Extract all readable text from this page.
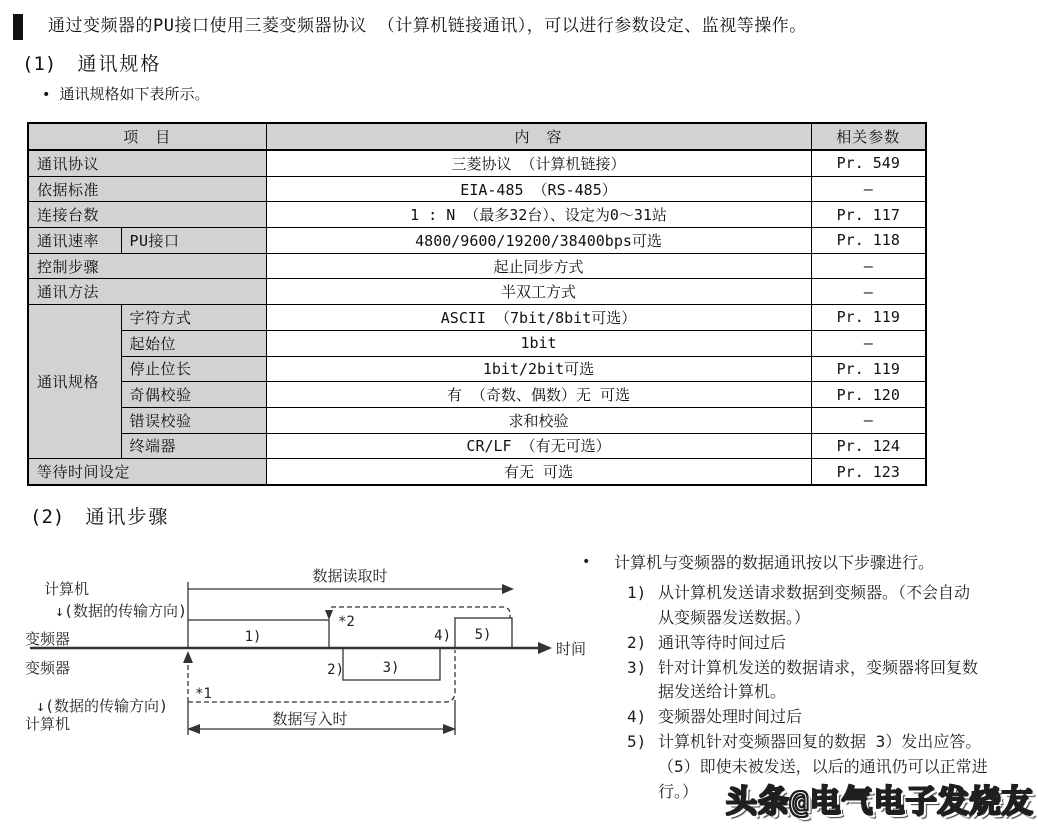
通过变频器的PU接口使用三菱变频器协议 （计算机链接通讯），可以进行参数设定、监视等操作。
(1) 通讯规格
• 通讯规格如下表所示。
项　目		内　容	相关参数
通讯协议		三菱协议 （计算机链接）	Pr. 549
依据标准		EIA-485 （RS-485）	—
连接台数		1 : N （最多32台）、设定为0～31站	Pr. 117
通讯速率	PU接口	4800/9600/19200/38400bps可选	Pr. 118
控制步骤		起止同步方式	—
通讯方法		半双工方式	—
通讯规格	字符方式	ASCII （7bit/8bit可选）	Pr. 119
	起始位	1bit	—
	停止位长	1bit/2bit可选	Pr. 119
	奇偶校验	有 （奇数、偶数）无 可选	Pr. 120
	错误校验	求和校验	—
	终端器	CR/LF （有无可选）	Pr. 124
等待时间设定		有无 可选	Pr. 123
(2) 通讯步骤
计算机
↓(数据的传输方向)
数据读取时
*2
时间
变频器
变频器
1)	4) 5)
2)	3)
*1
↓(数据的传输方向)
计算机	数据写入时
•	计算机与变频器的数据通讯按以下步骤进行。
1) 从计算机发送请求数据到变频器。（不会自动
从变频器发送数据。）
2) 通讯等待时间过后
3) 针对计算机发送的数据请求，变频器将回复数
据发送给计算机。
4) 变频器处理时间过后
5) 计算机针对变频器回复的数据 3）发出应答。
（5）即使未被发送，以后的通讯仍可以正常进
行。） 头条@电气电子发烧友
